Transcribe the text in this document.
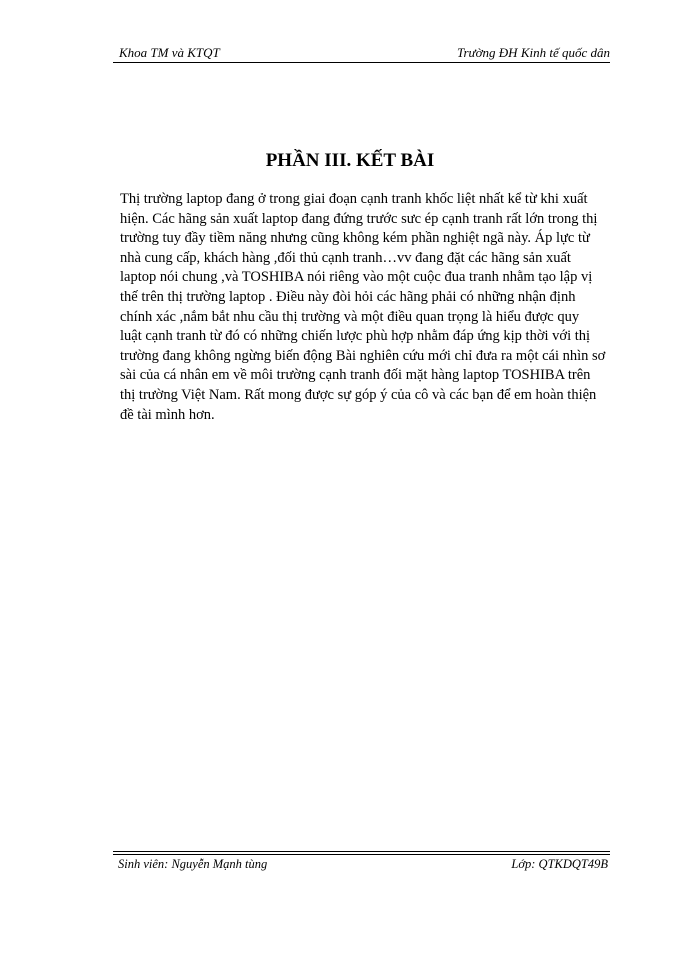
Khoa TM và KTQT	Trường ĐH Kinh tế quốc dân
PHẦN III. KẾT BÀI

Thị trường laptop đang ở trong giai đoạn cạnh tranh khốc liệt nhất kể từ khi xuất

hiện. Các hãng sản xuất laptop đang đứng trước sưc ép cạnh tranh rất lớn trong thị

trường tuy đầy tiềm năng nhưng cũng không kém phần nghiệt ngã này. Áp lực từ

nhà cung cấp, khách hàng ,đối thủ cạnh tranh…vv đang đặt các hãng sản xuất

laptop nói chung ,và TOSHIBA nói riêng vào một cuộc đua tranh nhằm tạo lập vị

thế trên thị trường laptop . Điều này đòi hỏi các hãng phải có những nhận định

chính xác ,nắm bắt nhu cầu thị trường và một điều quan trọng là hiểu được quy

luật cạnh tranh từ đó có những chiến lược phù hợp nhằm đáp ứng kịp thời với thị

trường đang không ngừng biến động Bài nghiên cứu mới chỉ đưa ra một cái nhìn sơ

sài của cá nhân em về môi trường cạnh tranh đối mặt hàng laptop TOSHIBA trên

thị trường Việt Nam. Rất mong được sự góp ý của cô và các bạn để em hoàn thiện

đề tài mình hơn.

Sinh viên: Nguyễn Mạnh tùng	Lớp: QTKDQT49B
